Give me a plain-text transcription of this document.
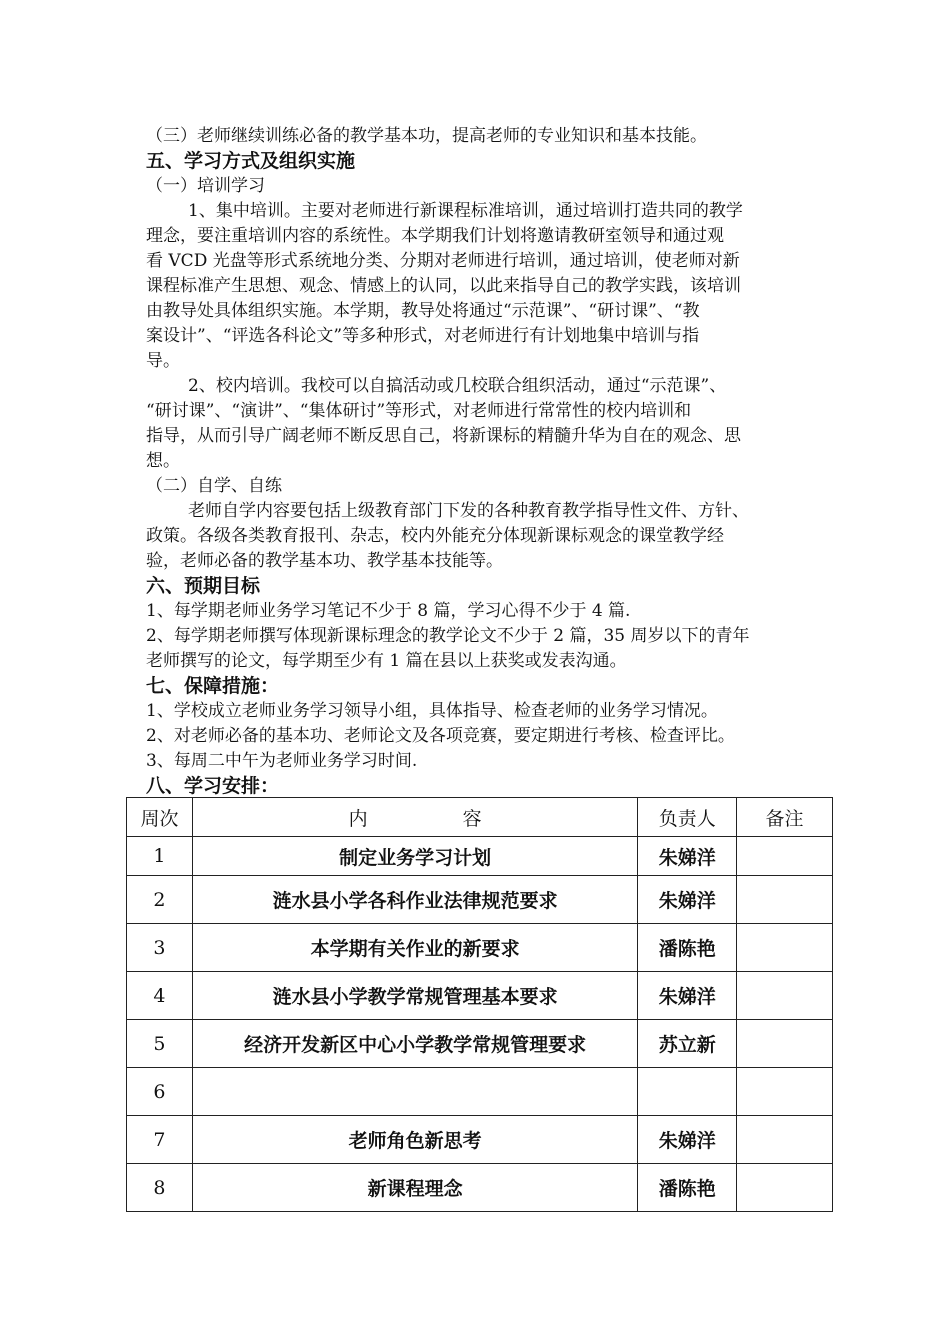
（三）老师继续训练必备的教学基本功，提高老师的专业知识和基本技能。
五、学习方式及组织实施
（一）培训学习
1、集中培训。主要对老师进行新课程标准培训，通过培训打造共同的教学
理念，要注重培训内容的系统性。本学期我们计划将邀请教研室领导和通过观
看 VCD 光盘等形式系统地分类、分期对老师进行培训，通过培训，使老师对新
课程标准产生思想、观念、情感上的认同，以此来指导自己的教学实践，该培训
由教导处具体组织实施。本学期，教导处将通过“示范课”、“研讨课”、“教
案设计”、“评选各科论文”等多种形式，对老师进行有计划地集中培训与指
导。
2、校内培训。我校可以自搞活动或几校联合组织活动，通过“示范课”、
“研讨课”、“演讲”、“集体研讨”等形式，对老师进行常常性的校内培训和
指导，从而引导广阔老师不断反思自己，将新课标的精髓升华为自在的观念、思
想。
（二）自学、自练
老师自学内容要包括上级教育部门下发的各种教育教学指导性文件、方针、
政策。各级各类教育报刊、杂志，校内外能充分体现新课标观念的课堂教学经
验，老师必备的教学基本功、教学基本技能等。
六、预期目标
1、每学期老师业务学习笔记不少于 8 篇，学习心得不少于 4 篇.
2、每学期老师撰写体现新课标理念的教学论文不少于 2 篇，35 周岁以下的青年
老师撰写的论文，每学期至少有 1 篇在县以上获奖或发表沟通。
七、保障措施：
1、学校成立老师业务学习领导小组，具体指导、检查老师的业务学习情况。
2、对老师必备的基本功、老师论文及各项竞赛，要定期进行考核、检查评比。
3、每周二中午为老师业务学习时间.
八、学习安排：
周次	内     容	负责人	备注
1	制定业务学习计划	朱娣洋	
2	涟水县小学各科作业法律规范要求	朱娣洋	
3	本学期有关作业的新要求	潘陈艳	
4	涟水县小学教学常规管理基本要求	朱娣洋	
5	经济开发新区中心小学教学常规管理要求	苏立新	
6			
7	老师角色新思考	朱娣洋	
8	新课程理念	潘陈艳	
